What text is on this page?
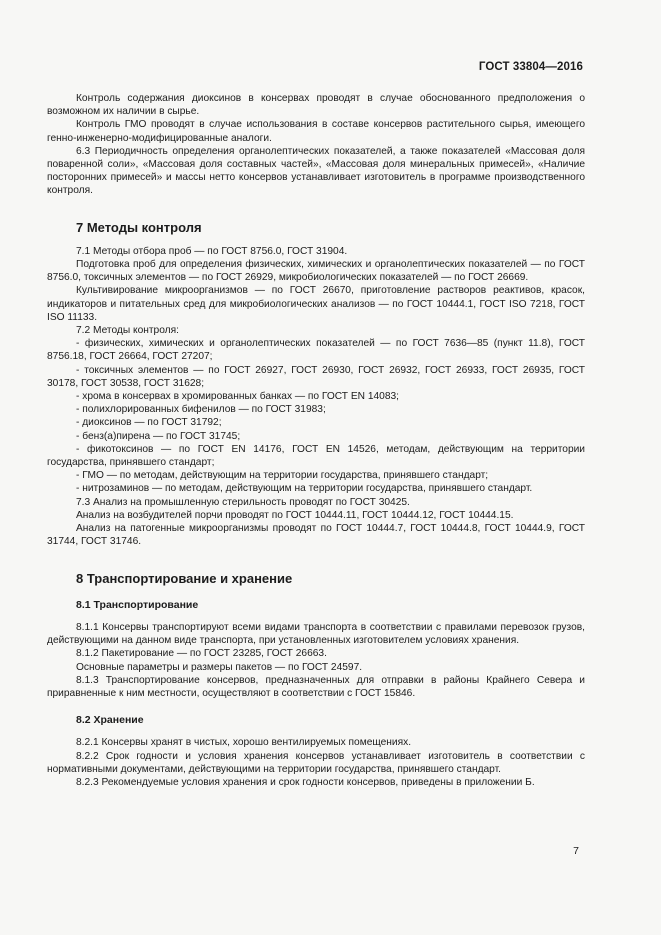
ГОСТ 33804—2016

Контроль содержания диоксинов в консервах проводят в случае обоснованного предположения о возможном их наличии в сырье.

Контроль ГМО проводят в случае использования в составе консервов растительного сырья, имеющего генно-инженерно-модифицированные аналоги.

6.3 Периодичность определения органолептических показателей, а также показателей «Массовая доля поваренной соли», «Массовая доля составных частей», «Массовая доля минеральных примесей», «Наличие посторонних примесей» и массы нетто консервов устанавливает изготовитель в программе производственного контроля.

7 Методы контроля

7.1 Методы отбора проб — по ГОСТ 8756.0, ГОСТ 31904.

Подготовка проб для определения физических, химических и органолептических показателей — по ГОСТ 8756.0, токсичных элементов — по ГОСТ 26929, микробиологических показателей — по ГОСТ 26669.

Культивирование микроорганизмов — по ГОСТ 26670, приготовление растворов реактивов, красок, индикаторов и питательных сред для микробиологических анализов — по ГОСТ 10444.1, ГОСТ ISO 7218, ГОСТ ISO 11133.

7.2 Методы контроля:

- физических, химических и органолептических показателей — по ГОСТ 7636—85 (пункт 11.8), ГОСТ 8756.18, ГОСТ 26664, ГОСТ 27207;

- токсичных элементов — по ГОСТ 26927, ГОСТ 26930, ГОСТ 26932, ГОСТ 26933, ГОСТ 26935, ГОСТ 30178, ГОСТ 30538, ГОСТ 31628;

- хрома в консервах в хромированных банках — по ГОСТ EN 14083;

- полихлорированных бифенилов — по ГОСТ 31983;

- диоксинов — по ГОСТ 31792;

- бенз(а)пирена — по ГОСТ 31745;

- фикотоксинов — по ГОСТ EN 14176, ГОСТ EN 14526, методам, действующим на территории государства, принявшего стандарт;

- ГМО — по методам, действующим на территории государства, принявшего стандарт;

- нитрозаминов — по методам, действующим на территории государства, принявшего стандарт.

7.3 Анализ на промышленную стерильность проводят по ГОСТ 30425.

Анализ на возбудителей порчи проводят по ГОСТ 10444.11, ГОСТ 10444.12, ГОСТ 10444.15.

Анализ на патогенные микроорганизмы проводят по ГОСТ 10444.7, ГОСТ 10444.8, ГОСТ 10444.9, ГОСТ 31744, ГОСТ 31746.

8 Транспортирование и хранение
8.1 Транспортирование

8.1.1 Консервы транспортируют всеми видами транспорта в соответствии с правилами перевозок грузов, действующими на данном виде транспорта, при установленных изготовителем условиях хранения.

8.1.2 Пакетирование — по ГОСТ 23285, ГОСТ 26663.

Основные параметры и размеры пакетов — по ГОСТ 24597.

8.1.3 Транспортирование консервов, предназначенных для отправки в районы Крайнего Севера и приравненные к ним местности, осуществляют в соответствии с ГОСТ 15846.

8.2 Хранение

8.2.1 Консервы хранят в чистых, хорошо вентилируемых помещениях.

8.2.2 Срок годности и условия хранения консервов устанавливает изготовитель в соответствии с нормативными документами, действующими на территории государства, принявшего стандарт.

8.2.3 Рекомендуемые условия хранения и срок годности консервов, приведены в приложении Б.

7
